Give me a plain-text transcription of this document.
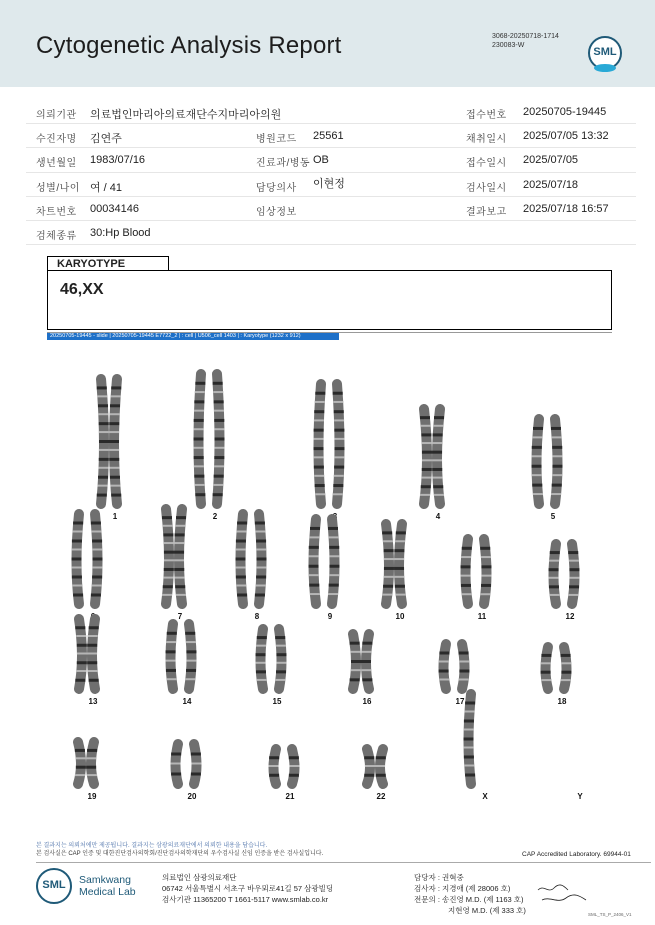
Cytogenetic Analysis Report	3068-20250718-1714
230083-W
SML
의뢰기관 의료법인마리아의료재단수지마리아의원	접수번호 20250705-19445
수진자명 김연주	병원코드 25561	채취일시 2025/07/05 13:32
생년월일 1983/07/16	진료과/병동 OB	접수일시 2025/07/05
성별/나이 여 / 41	담당의사 이현정	검사일시 2025/07/18
차트번호 00034146	임상정보	결과보고 2025/07/18 16:57
검체종류 30:Hp Blood
KARYOTYPE
46,XX
20250705-19445 - slide | 20250705-19445 E7722_2 | : cell | U506_cell 1403 | : Karyotype (1232 x 912)
1	2	3	4	5
6	7	8	9	10	11	12
13	14	15	16	17	18
19	20	21	22	X	Y
본 결과지는 의뢰처에만 제공됩니다. 결과지는 삼광의료재단에서 의뢰한 내용을 담습니다.
본 검사실은 CAP 인증 및 대한진단검사의학회/진단검사의학재단의 우수검사실 신임 인증을 받은 검사실입니다.	CAP Accredited Laboratory. 69944-01
SML	Samkwang
Medical Lab
의료법인 삼광의료재단
06742 서울특별시 서초구 바우뫼로41길 57 삼광빌딩
검사기관 11365200 T 1661-5117 www.smlab.co.kr
담당자 : 권혁중
검사자 : 지경애 (제 28006 호)
전문의 : 송진영 M.D. (제 1163 호)
지현영 M.D. (제 333 호)	SML_TS_P_2406_V1
